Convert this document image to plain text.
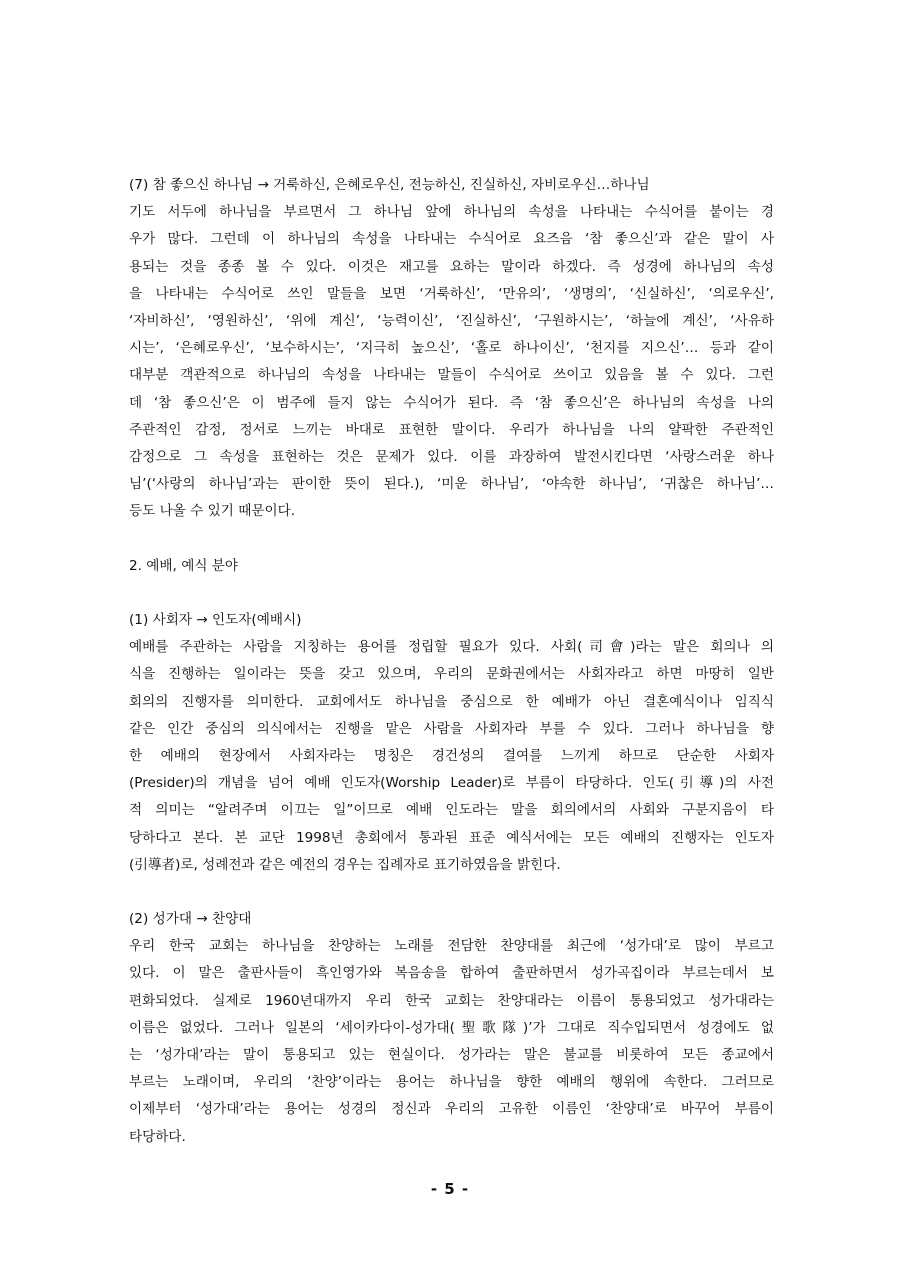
(7) 참 좋으신 하나님 → 거룩하신, 은혜로우신, 전능하신, 진실하신, 자비로우신…하나님
기도 서두에 하나님을 부르면서 그 하나님 앞에 하나님의 속성을 나타내는 수식어를 붙이는 경
우가 많다. 그런데 이 하나님의 속성을 나타내는 수식어로 요즈음 ‘참 좋으신’과 같은 말이 사
용되는 것을 종종 볼 수 있다. 이것은 재고를 요하는 말이라 하겠다. 즉 성경에 하나님의 속성
을 나타내는 수식어로 쓰인 말들을 보면 ‘거룩하신’, ‘만유의’, ‘생명의’, ‘신실하신’, ‘의로우신’,
‘자비하신’, ‘영원하신’, ‘위에 계신’, ‘능력이신’, ‘진실하신’, ‘구원하시는’, ‘하늘에 계신’, ‘사유하
시는’, ‘은혜로우신’, ‘보수하시는’, ‘지극히 높으신’, ‘홀로 하나이신’, ‘천지를 지으신’… 등과 같이
대부분 객관적으로 하나님의 속성을 나타내는 말들이 수식어로 쓰이고 있음을 볼 수 있다. 그런
데 ‘참 좋으신’은 이 범주에 들지 않는 수식어가 된다. 즉 ‘참 좋으신’은 하나님의 속성을 나의
주관적인 감정, 정서로 느끼는 바대로 표현한 말이다. 우리가 하나님을 나의 얄팍한 주관적인
감정으로 그 속성을 표현하는 것은 문제가 있다. 이를 과장하여 발전시킨다면 ‘사랑스러운 하나
님’(‘사랑의 하나님’과는 판이한 뜻이 된다.), ‘미운 하나님’, ‘야속한 하나님’, ‘귀찮은 하나님’…
등도 나올 수 있기 때문이다.
2. 예배, 예식 분야
(1) 사회자 → 인도자(예배시)
예배를 주관하는 사람을 지칭하는 용어를 정립할 필요가 있다. 사회(司會)라는 말은 회의나 의
식을 진행하는 일이라는 뜻을 갖고 있으며, 우리의 문화권에서는 사회자라고 하면 마땅히 일반
회의의 진행자를 의미한다. 교회에서도 하나님을 중심으로 한 예배가 아닌 결혼예식이나 임직식
같은 인간 중심의 의식에서는 진행을 맡은 사람을 사회자라 부를 수 있다. 그러나 하나님을 향
한 예배의 현장에서 사회자라는 명칭은 경건성의 결여를 느끼게 하므로 단순한 사회자
(Presider)의 개념을 넘어 예배 인도자(Worship Leader)로 부름이 타당하다. 인도(引導)의 사전
적 의미는 “알려주며 이끄는 일”이므로 예배 인도라는 말을 회의에서의 사회와 구분지음이 타
당하다고 본다. 본 교단 1998년 총회에서 통과된 표준 예식서에는 모든 예배의 진행자는 인도자
(引導者)로, 성례전과 같은 예전의 경우는 집례자로 표기하였음을 밝힌다.
(2) 성가대 → 찬양대
우리 한국 교회는 하나님을 찬양하는 노래를 전담한 찬양대를 최근에 ‘성가대’로 많이 부르고
있다. 이 말은 출판사들이 흑인영가와 복음송을 합하여 출판하면서 성가곡집이라 부르는데서 보
편화되었다. 실제로 1960년대까지 우리 한국 교회는 찬양대라는 이름이 통용되었고 성가대라는
이름은 없었다. 그러나 일본의 ‘세이카다이-성가대(聖歌隊)’가 그대로 직수입되면서 성경에도 없
는 ‘성가대’라는 말이 통용되고 있는 현실이다. 성가라는 말은 불교를 비롯하여 모든 종교에서
부르는 노래이며, 우리의 ‘찬양’이라는 용어는 하나님을 향한 예배의 행위에 속한다. 그러므로
이제부터 ‘성가대’라는 용어는 성경의 정신과 우리의 고유한 이름인 ‘찬양대’로 바꾸어 부름이
타당하다.
- 5 -
